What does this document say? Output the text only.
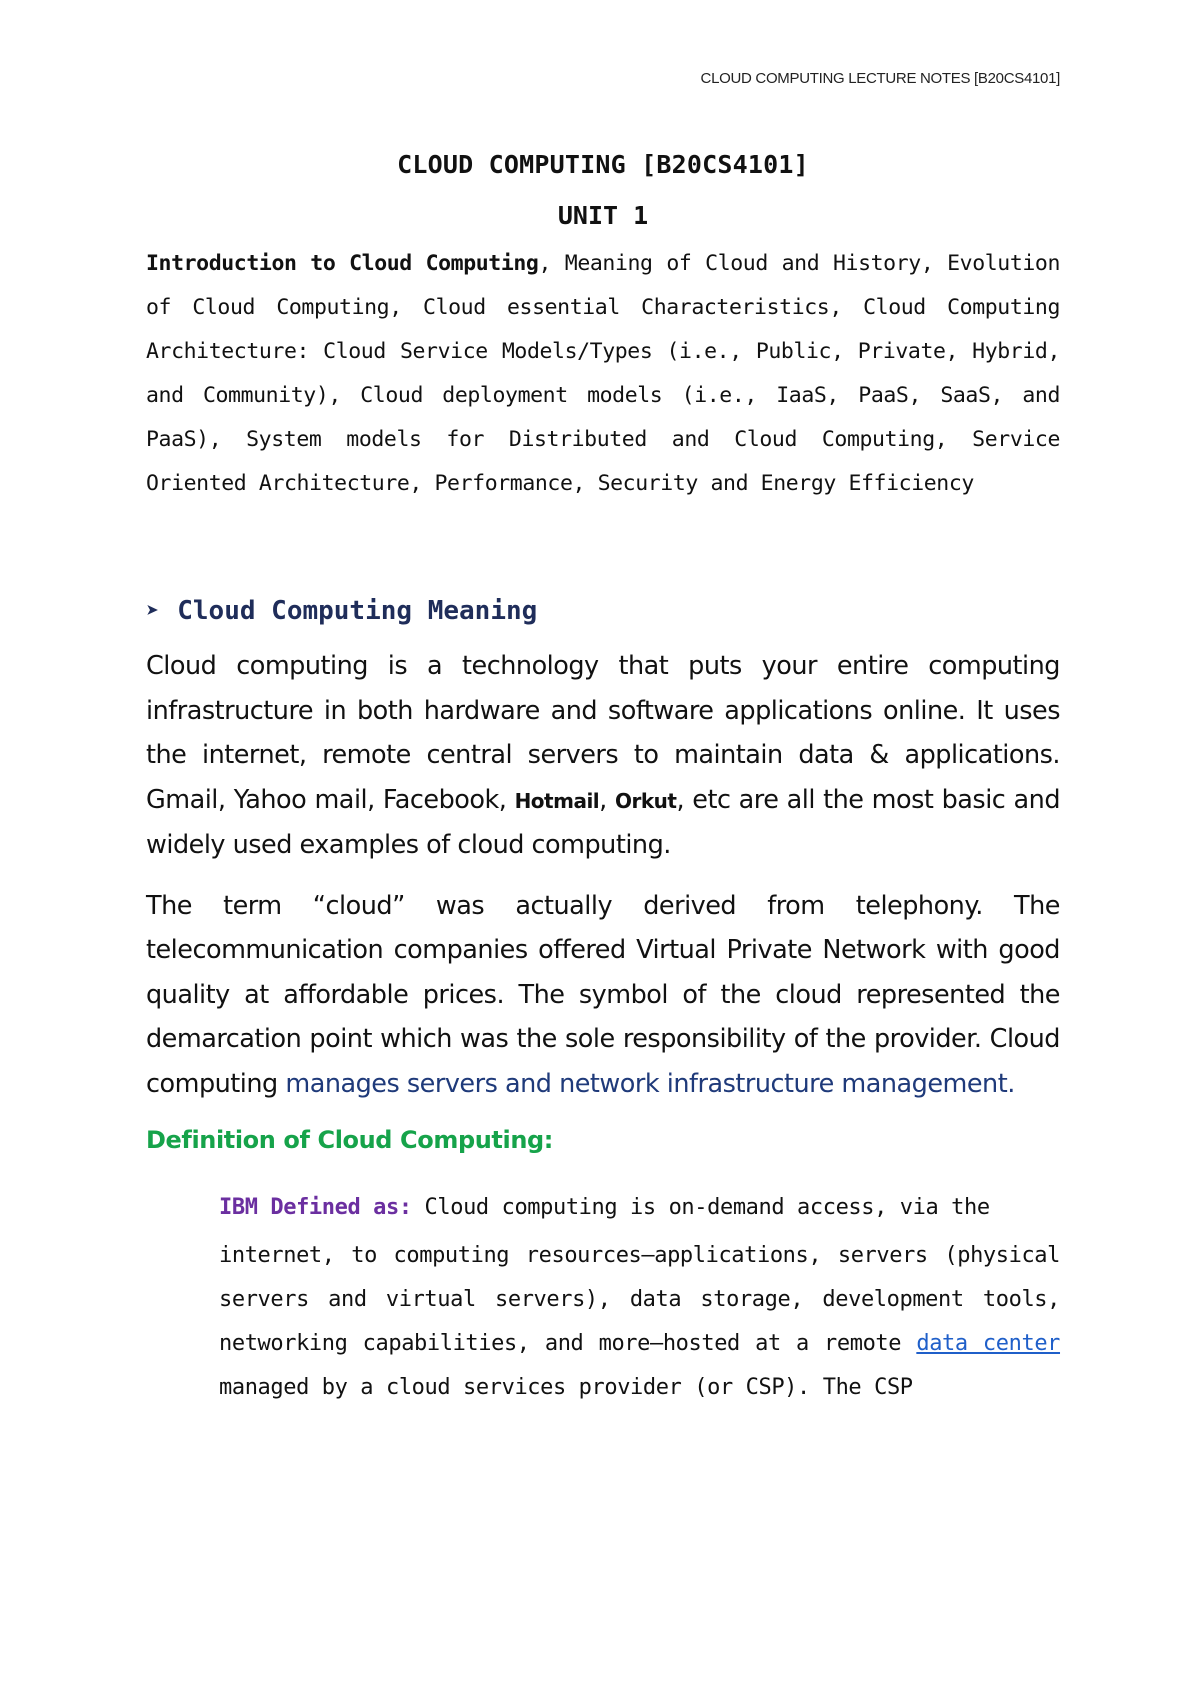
CLOUD COMPUTING LECTURE NOTES [B20CS4101]
CLOUD COMPUTING [B20CS4101]
UNIT 1

Introduction to Cloud Computing, Meaning of Cloud and History, Evolution of Cloud Computing, Cloud essential Characteristics, Cloud Computing Architecture: Cloud Service Models/Types (i.e., Public, Private, Hybrid, and Community), Cloud deployment models (i.e., IaaS, PaaS, SaaS, and PaaS), System models for Distributed and Cloud Computing, Service Oriented Architecture, Performance, Security and Energy Efficiency

➤ Cloud Computing Meaning

Cloud computing is a technology that puts your entire computing infrastructure in both hardware and software applications online. It uses the internet, remote central servers to maintain data & applications. Gmail, Yahoo mail, Facebook, Hotmail, Orkut, etc are all the most basic and widely used examples of cloud computing.

The term “cloud” was actually derived from telephony. The telecommunication companies offered Virtual Private Network with good quality at affordable prices. The symbol of the cloud represented the demarcation point which was the sole responsibility of the provider. Cloud computing manages servers and network infrastructure management.

Definition of Cloud Computing:
IBM Defined as: Cloud computing is on-demand access, via the
internet, to computing resources—applications, servers (physical servers and virtual servers), data storage, development tools, networking capabilities, and more—hosted at a remote data center managed by a cloud services provider (or CSP). The CSP
